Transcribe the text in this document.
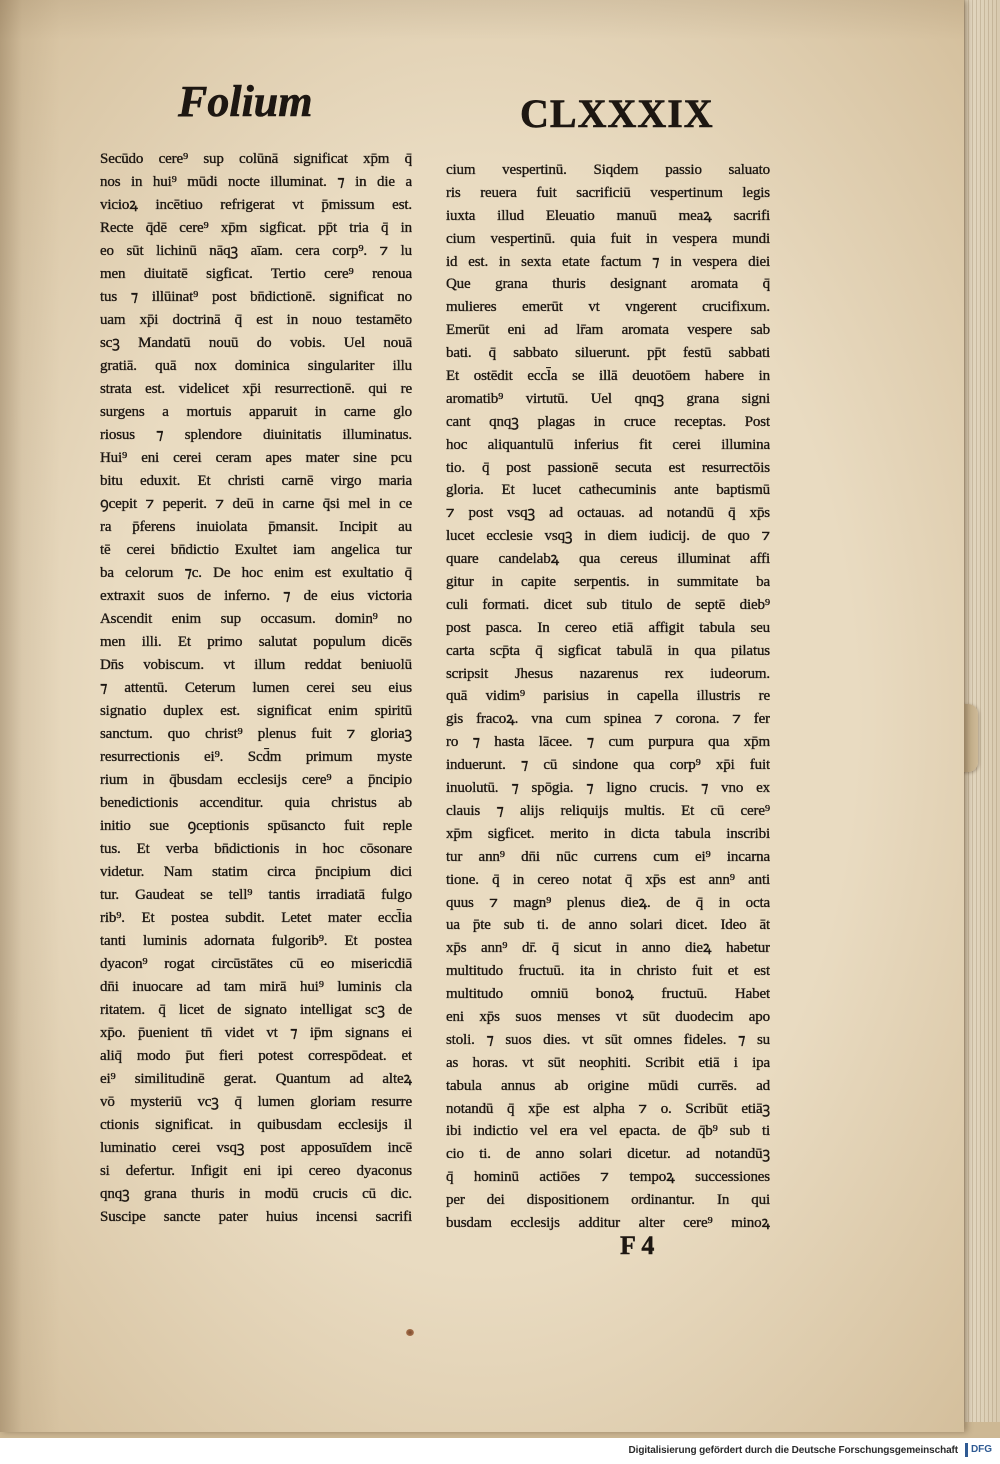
Folium	CLXXXIX
Secūdo cere⁹ sup colūnā significat xp̄m q̄
nos in hui⁹ mūdi nocte illuminat. ⁊ in die a
vicioꝝ incētiuo refrigerat vt p̄missum est.
Recte q̄dē cere⁹ xp̄m sigficat. pp̄t tria q̄ in
eo sūt lichinū nāqꝫ aīam. cera corp⁹. ⁊ lu
men diuitatē sigficat. Tertio cere⁹ renoua
tus ⁊ illūinat⁹ post bn̄dictionē. significat no
uam xp̄i doctrinā q̄ est in nouo testamēto
scꝫ Mandatū nouū do vobis. Uel nouā
gratiā. quā nox dominica singulariter illu
strata est. videlicet xp̄i resurrectionē. qui re
surgens a mortuis apparuit in carne glo
riosus ⁊ splendore diuinitatis illuminatus.
Hui⁹ eni cerei ceram apes mater sine pcu
bitu eduxit. Et christi carnē virgo maria
ꝯcepit ⁊ peperit. ⁊ deū in carne q̄si mel in ce
ra p̄ferens inuiolata p̄mansit. Incipit au
tē cerei bn̄dictio Exultet iam angelica tur
ba celorum ⁊c. De hoc enim est exultatio q̄
extraxit suos de inferno. ⁊ de eius victoria
Ascendit enim sup occasum. domin⁹ no
men illi. Et primo salutat populum dicēs
Dn̄s vobiscum. vt illum reddat beniuolū
⁊ attentū. Ceterum lumen cerei seu eius
signatio duplex est. significat enim spiritū
sanctum. quo christ⁹ plenus fuit ⁊ gloriaꝫ
resurrectionis ei⁹. Scd̄m primum myste
rium in q̄busdam ecclesijs cere⁹ a p̄ncipio
benedictionis accenditur. quia christus ab
initio sue ꝯceptionis spūsancto fuit reple
tus. Et verba bn̄dictionis in hoc cōsonare
videtur. Nam statim circa p̄ncipium dici
tur. Gaudeat se tell⁹ tantis irradiatā fulgo
rib⁹. Et postea subdit. Letet mater eccl̄ia
tanti luminis adornata fulgorib⁹. Et postea
dyacon⁹ rogat circūstātes cū eo misericdiā
dn̄i inuocare ad tam mirā hui⁹ luminis cla
ritatem. q̄ licet de signato intelligat scꝫ de
xp̄o. p̄uenient tn̄ videt vt ⁊ ip̄m signans ei
aliq̄ modo p̄ut fieri potest correspōdeat. et
ei⁹ similitudinē gerat. Quantum ad alteꝝ
vō mysteriū vcꝫ q̄ lumen gloriam resurre
ctionis significat. in quibusdam ecclesijs il
luminatio cerei vsqꝫ post apposuīdem incē
si defertur. Infigit eni ipi cereo dyaconus
qnqꝫ grana thuris in modū crucis cū dic.
Suscipe sancte pater huius incensi sacrifi
cium vespertinū. Siqdem passio saluato
ris reuera fuit sacrificiū vespertinum legis
iuxta illud Eleuatio manuū meaꝝ sacrifi
cium vespertinū. quia fuit in vespera mundi
id est. in sexta etate factum ⁊ in vespera diei
Que grana thuris designant aromata q̄
mulieres emerūt vt vngerent crucifixum.
Emerūt eni ad lr̄am aromata vespere sab
bati. q̄ sabbato siluerunt. pp̄t festū sabbati
Et ostēdit eccl̄a se illā deuotōem habere in
aromatib⁹ virtutū. Uel qnqꝫ grana signi
cant qnqꝫ plagas in cruce receptas. Post
hoc aliquantulū inferius fit cerei illumina
tio. q̄ post passionē secuta est resurrectōis
gloria. Et lucet cathecuminis ante baptismū
⁊ post vsqꝫ ad octauas. ad notandū q̄ xp̄s
lucet ecclesie vsqꝫ in diem iudicij. de quo ⁊
quare candelabꝝ qua cereus illuminat affi
gitur in capite serpentis. in summitate ba
culi formati. dicet sub titulo de septē dieb⁹
post pasca. In cereo etiā affigit tabula seu
carta scp̄ta q̄ sigficat tabulā in qua pilatus
scripsit Jhesus nazarenus rex iudeorum.
quā vidim⁹ parisius in capella illustris re
gis fracoꝝ. vna cum spinea ⁊ corona. ⁊ fer
ro ⁊ hasta lācee. ⁊ cum purpura qua xp̄m
induerunt. ⁊ cū sindone qua corp⁹ xp̄i fuit
inuolutū. ⁊ spōgia. ⁊ ligno crucis. ⁊ vno ex
clauis ⁊ alijs reliquijs multis. Et cū cere⁹
xp̄m sigficet. merito in dicta tabula inscribi
tur ann⁹ dn̄i nūc currens cum ei⁹ incarna
tione. q̄ in cereo notat q̄ xp̄s est ann⁹ anti
quus ⁊ magn⁹ plenus dieꝝ. de q̄ in octa
ua p̄te sub ti. de anno solari dicet. Ideo āt
xp̄s ann⁹ dr̄. q̄ sicut in anno dieꝝ habetur
multitudo fructuū. ita in christo fuit et est
multitudo omniū bonoꝝ fructuū. Habet
eni xp̄s suos menses vt sūt duodecim apo
stoli. ⁊ suos dies. vt sūt omnes fideles. ⁊ su
as horas. vt sūt neophiti. Scribit etiā i ipa
tabula annus ab origine mūdi currēs. ad
notandū q̄ xp̄e est alpha ⁊ o. Scribūt etiāꝫ
ibi indictio vel era vel epacta. de q̄b⁹ sub ti
cio ti. de anno solari dicetur. ad notandūꝫ
q̄ hominū actiōes ⁊ tempoꝝ successiones
per dei dispositionem ordinantur. In qui
busdam ecclesijs additur alter cere⁹ minoꝝ
F 4
Digitalisierung gefördert durch die Deutsche Forschungsgemeinschaft	DFG
